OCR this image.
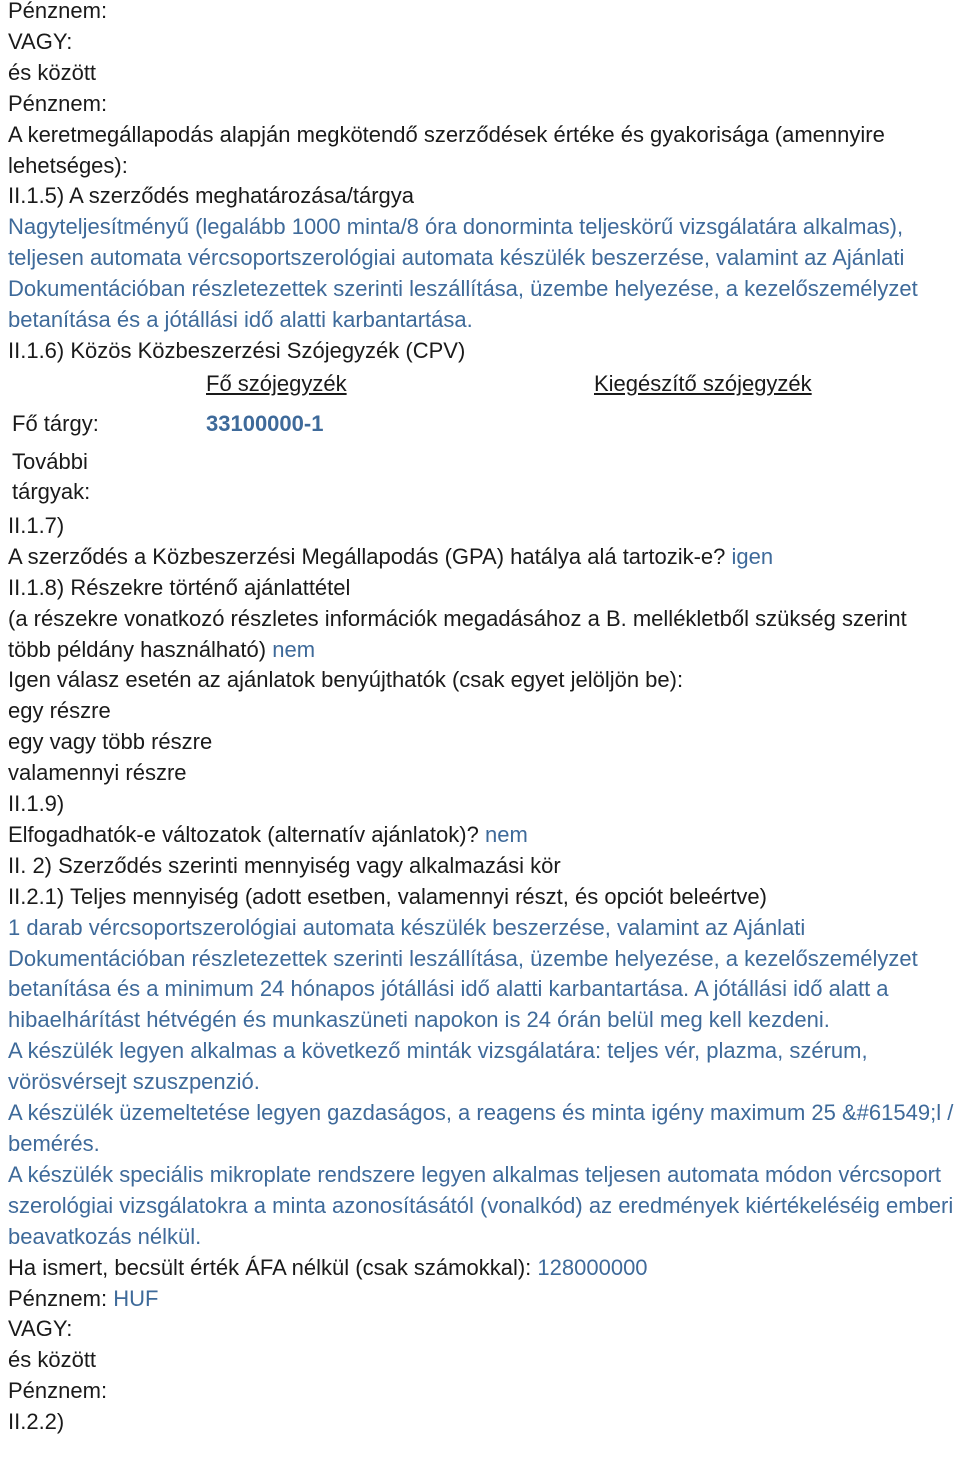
Pénznem:
VAGY:
és között
Pénznem:
A keretmegállapodás alapján megkötendő szerződések értéke és gyakorisága (amennyire lehetséges):
II.1.5) A szerződés meghatározása/tárgya
Nagyteljesítményű (legalább 1000 minta/8 óra donorminta teljeskörű vizsgálatára alkalmas), teljesen automata vércsoportszerológiai automata készülék beszerzése, valamint az Ajánlati Dokumentációban részletezettek szerinti leszállítása, üzembe helyezése, a kezelőszemélyzet betanítása és a jótállási idő alatti karbantartása.
II.1.6) Közös Közbeszerzési Szójegyzék (CPV)
Fő szójegyzék	Kiegészítő szójegyzék
Fő tárgy:	33100000-1
További tárgyak:
II.1.7)
A szerződés a Közbeszerzési Megállapodás (GPA) hatálya alá tartozik-e? igen
II.1.8) Részekre történő ajánlattétel
(a részekre vonatkozó részletes információk megadásához a B. mellékletből szükség szerint több példány használható) nem
Igen válasz esetén az ajánlatok benyújthatók (csak egyet jelöljön be):
egy részre
egy vagy több részre
valamennyi részre
II.1.9)
Elfogadhatók-e változatok (alternatív ajánlatok)? nem
II. 2) Szerződés szerinti mennyiség vagy alkalmazási kör
II.2.1) Teljes mennyiség (adott esetben, valamennyi részt, és opciót beleértve)
1 darab vércsoportszerológiai automata készülék beszerzése, valamint az Ajánlati Dokumentációban részletezettek szerinti leszállítása, üzembe helyezése, a kezelőszemélyzet betanítása és a minimum 24 hónapos jótállási idő alatti karbantartása. A jótállási idő alatt a hibaelhárítást hétvégén és munkaszüneti napokon is 24 órán belül meg kell kezdeni.
A készülék legyen alkalmas a következő minták vizsgálatára: teljes vér, plazma, szérum, vörösvérsejt szuszpenzió.
A készülék üzemeltetése legyen gazdaságos, a reagens és minta igény maximum 25 &#61549;l / bemérés.
A készülék speciális mikroplate rendszere legyen alkalmas teljesen automata módon vércsoport szerológiai vizsgálatokra a minta azonosításától (vonalkód) az eredmények kiértékeléséig emberi beavatkozás nélkül.
Ha ismert, becsült érték ÁFA nélkül (csak számokkal): 128000000
Pénznem: HUF
VAGY:
és között
Pénznem:
II.2.2)
